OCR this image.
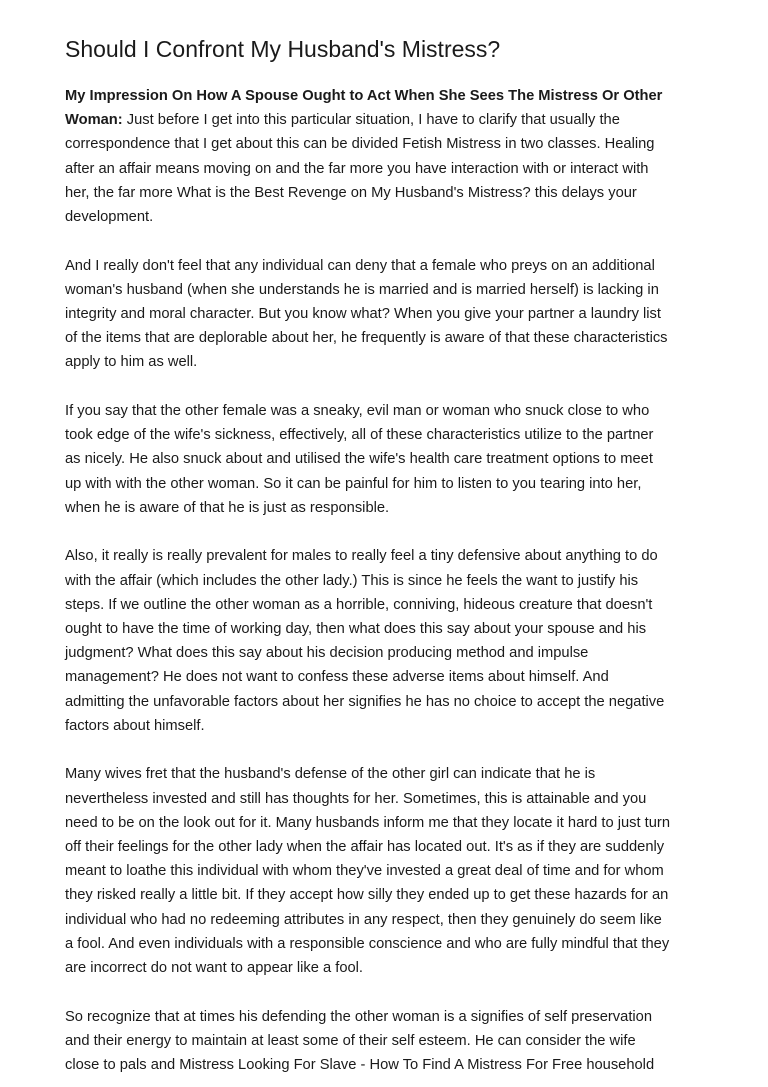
Should I Confront My Husband's Mistress?

My Impression On How A Spouse Ought to Act When She Sees The Mistress Or Other
Woman: Just before I get into this particular situation, I have to clarify that usually the
correspondence that I get about this can be divided Fetish Mistress in two classes. Healing
after an affair means moving on and the far more you have interaction with or interact with
her, the far more What is the Best Revenge on My Husband's Mistress? this delays your
development.

And I really don't feel that any individual can deny that a female who preys on an additional
woman's husband (when she understands he is married and is married herself) is lacking in
integrity and moral character. But you know what? When you give your partner a laundry list
of the items that are deplorable about her, he frequently is aware of that these characteristics
apply to him as well.

If you say that the other female was a sneaky, evil man or woman who snuck close to who
took edge of the wife's sickness, effectively, all of these characteristics utilize to the partner
as nicely. He also snuck about and utilised the wife's health care treatment options to meet
up with with the other woman. So it can be painful for him to listen to you tearing into her,
when he is aware of that he is just as responsible.

Also, it really is really prevalent for males to really feel a tiny defensive about anything to do
with the affair (which includes the other lady.) This is since he feels the want to justify his
steps. If we outline the other woman as a horrible, conniving, hideous creature that doesn't
ought to have the time of working day, then what does this say about your spouse and his
judgment? What does this say about his decision producing method and impulse
management? He does not want to confess these adverse items about himself. And
admitting the unfavorable factors about her signifies he has no choice to accept the negative
factors about himself.

Many wives fret that the husband's defense of the other girl can indicate that he is
nevertheless invested and still has thoughts for her. Sometimes, this is attainable and you
need to be on the look out for it. Many husbands inform me that they locate it hard to just turn
off their feelings for the other lady when the affair has located out. It's as if they are suddenly
meant to loathe this individual with whom they've invested a great deal of time and for whom
they risked really a little bit. If they accept how silly they ended up to get these hazards for an
individual who had no redeeming attributes in any respect, then they genuinely do seem like
a fool. And even individuals with a responsible conscience and who are fully mindful that they
are incorrect do not want to appear like a fool.

So recognize that at times his defending the other woman is a signifies of self preservation
and their energy to maintain at least some of their self esteem. He can consider the wife
close to pals and Mistress Looking For Slave - How To Find A Mistress For Free household
